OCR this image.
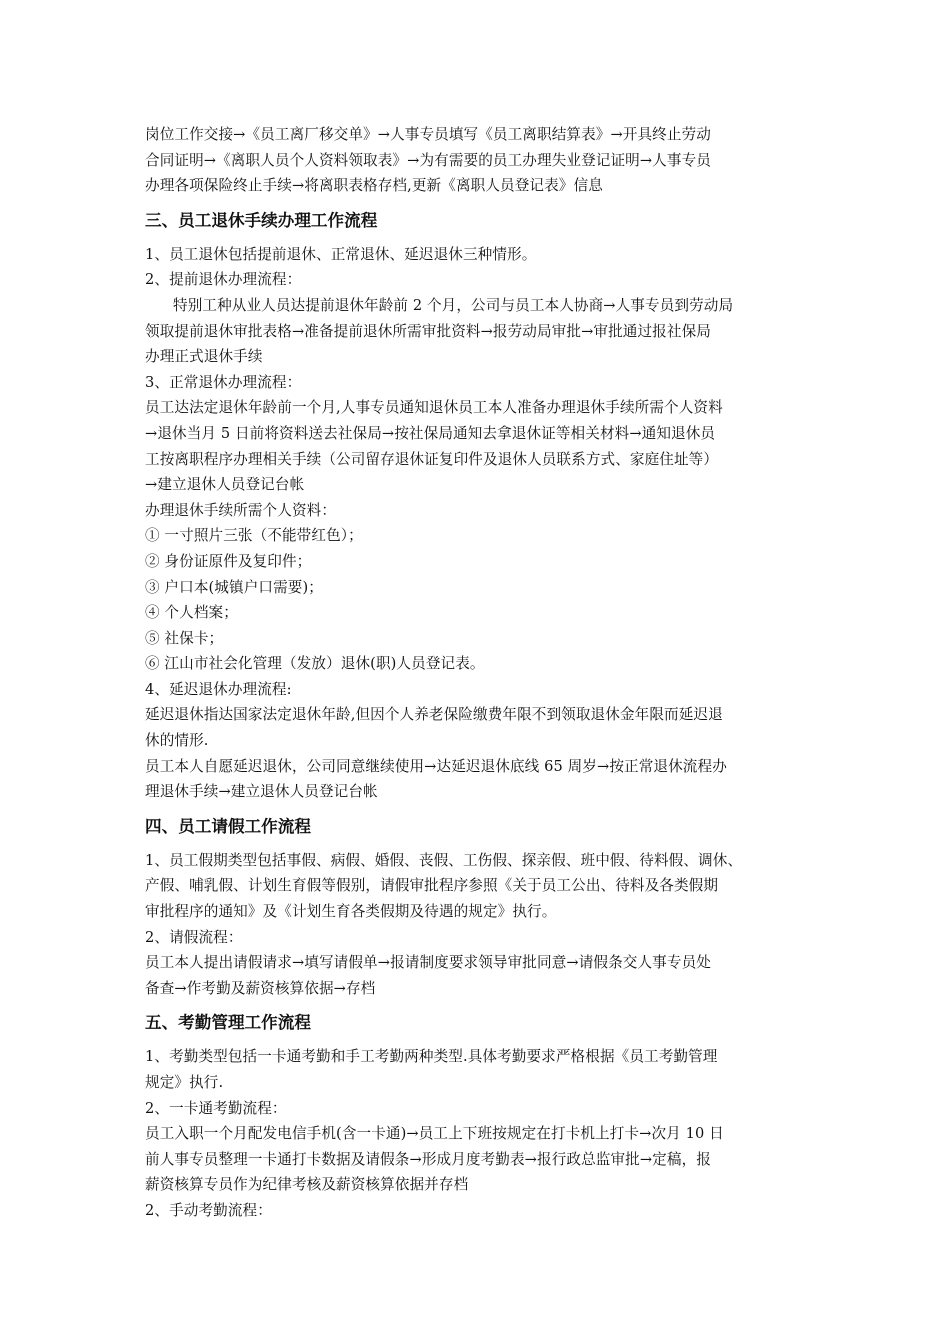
岗位工作交接→《员工离厂移交单》→人事专员填写《员工离职结算表》→开具终止劳动
合同证明→《离职人员个人资料领取表》→为有需要的员工办理失业登记证明→人事专员
办理各项保险终止手续→将离职表格存档,更新《离职人员登记表》信息
三、员工退休手续办理工作流程
1、员工退休包括提前退休、正常退休、延迟退休三种情形。
2、提前退休办理流程：
特别工种从业人员达提前退休年龄前 2 个月，公司与员工本人协商→人事专员到劳动局
领取提前退休审批表格→准备提前退休所需审批资料→报劳动局审批→审批通过报社保局
办理正式退休手续
3、正常退休办理流程：
员工达法定退休年龄前一个月,人事专员通知退休员工本人准备办理退休手续所需个人资料
→退休当月 5 日前将资料送去社保局→按社保局通知去拿退休证等相关材料→通知退休员
工按离职程序办理相关手续（公司留存退休证复印件及退休人员联系方式、家庭住址等）
→建立退休人员登记台帐
办理退休手续所需个人资料：
① 一寸照片三张（不能带红色）；
② 身份证原件及复印件；
③ 户口本(城镇户口需要)；
④ 个人档案；
⑤ 社保卡；
⑥ 江山市社会化管理（发放）退休(职)人员登记表。
4、延迟退休办理流程:
延迟退休指达国家法定退休年龄,但因个人养老保险缴费年限不到领取退休金年限而延迟退
休的情形.
员工本人自愿延迟退休，公司同意继续使用→达延迟退休底线 65 周岁→按正常退休流程办
理退休手续→建立退休人员登记台帐
四、员工请假工作流程
1、员工假期类型包括事假、病假、婚假、丧假、工伤假、探亲假、班中假、待料假、调休、
产假、哺乳假、计划生育假等假别，请假审批程序参照《关于员工公出、待料及各类假期
审批程序的通知》及《计划生育各类假期及待遇的规定》执行。
2、请假流程：
员工本人提出请假请求→填写请假单→报请制度要求领导审批同意→请假条交人事专员处
备查→作考勤及薪资核算依据→存档
五、考勤管理工作流程
1、考勤类型包括一卡通考勤和手工考勤两种类型.具体考勤要求严格根据《员工考勤管理
规定》执行.
2、一卡通考勤流程：
员工入职一个月配发电信手机(含一卡通)→员工上下班按规定在打卡机上打卡→次月 10 日
前人事专员整理一卡通打卡数据及请假条→形成月度考勤表→报行政总监审批→定稿，报
薪资核算专员作为纪律考核及薪资核算依据并存档
2、手动考勤流程：
